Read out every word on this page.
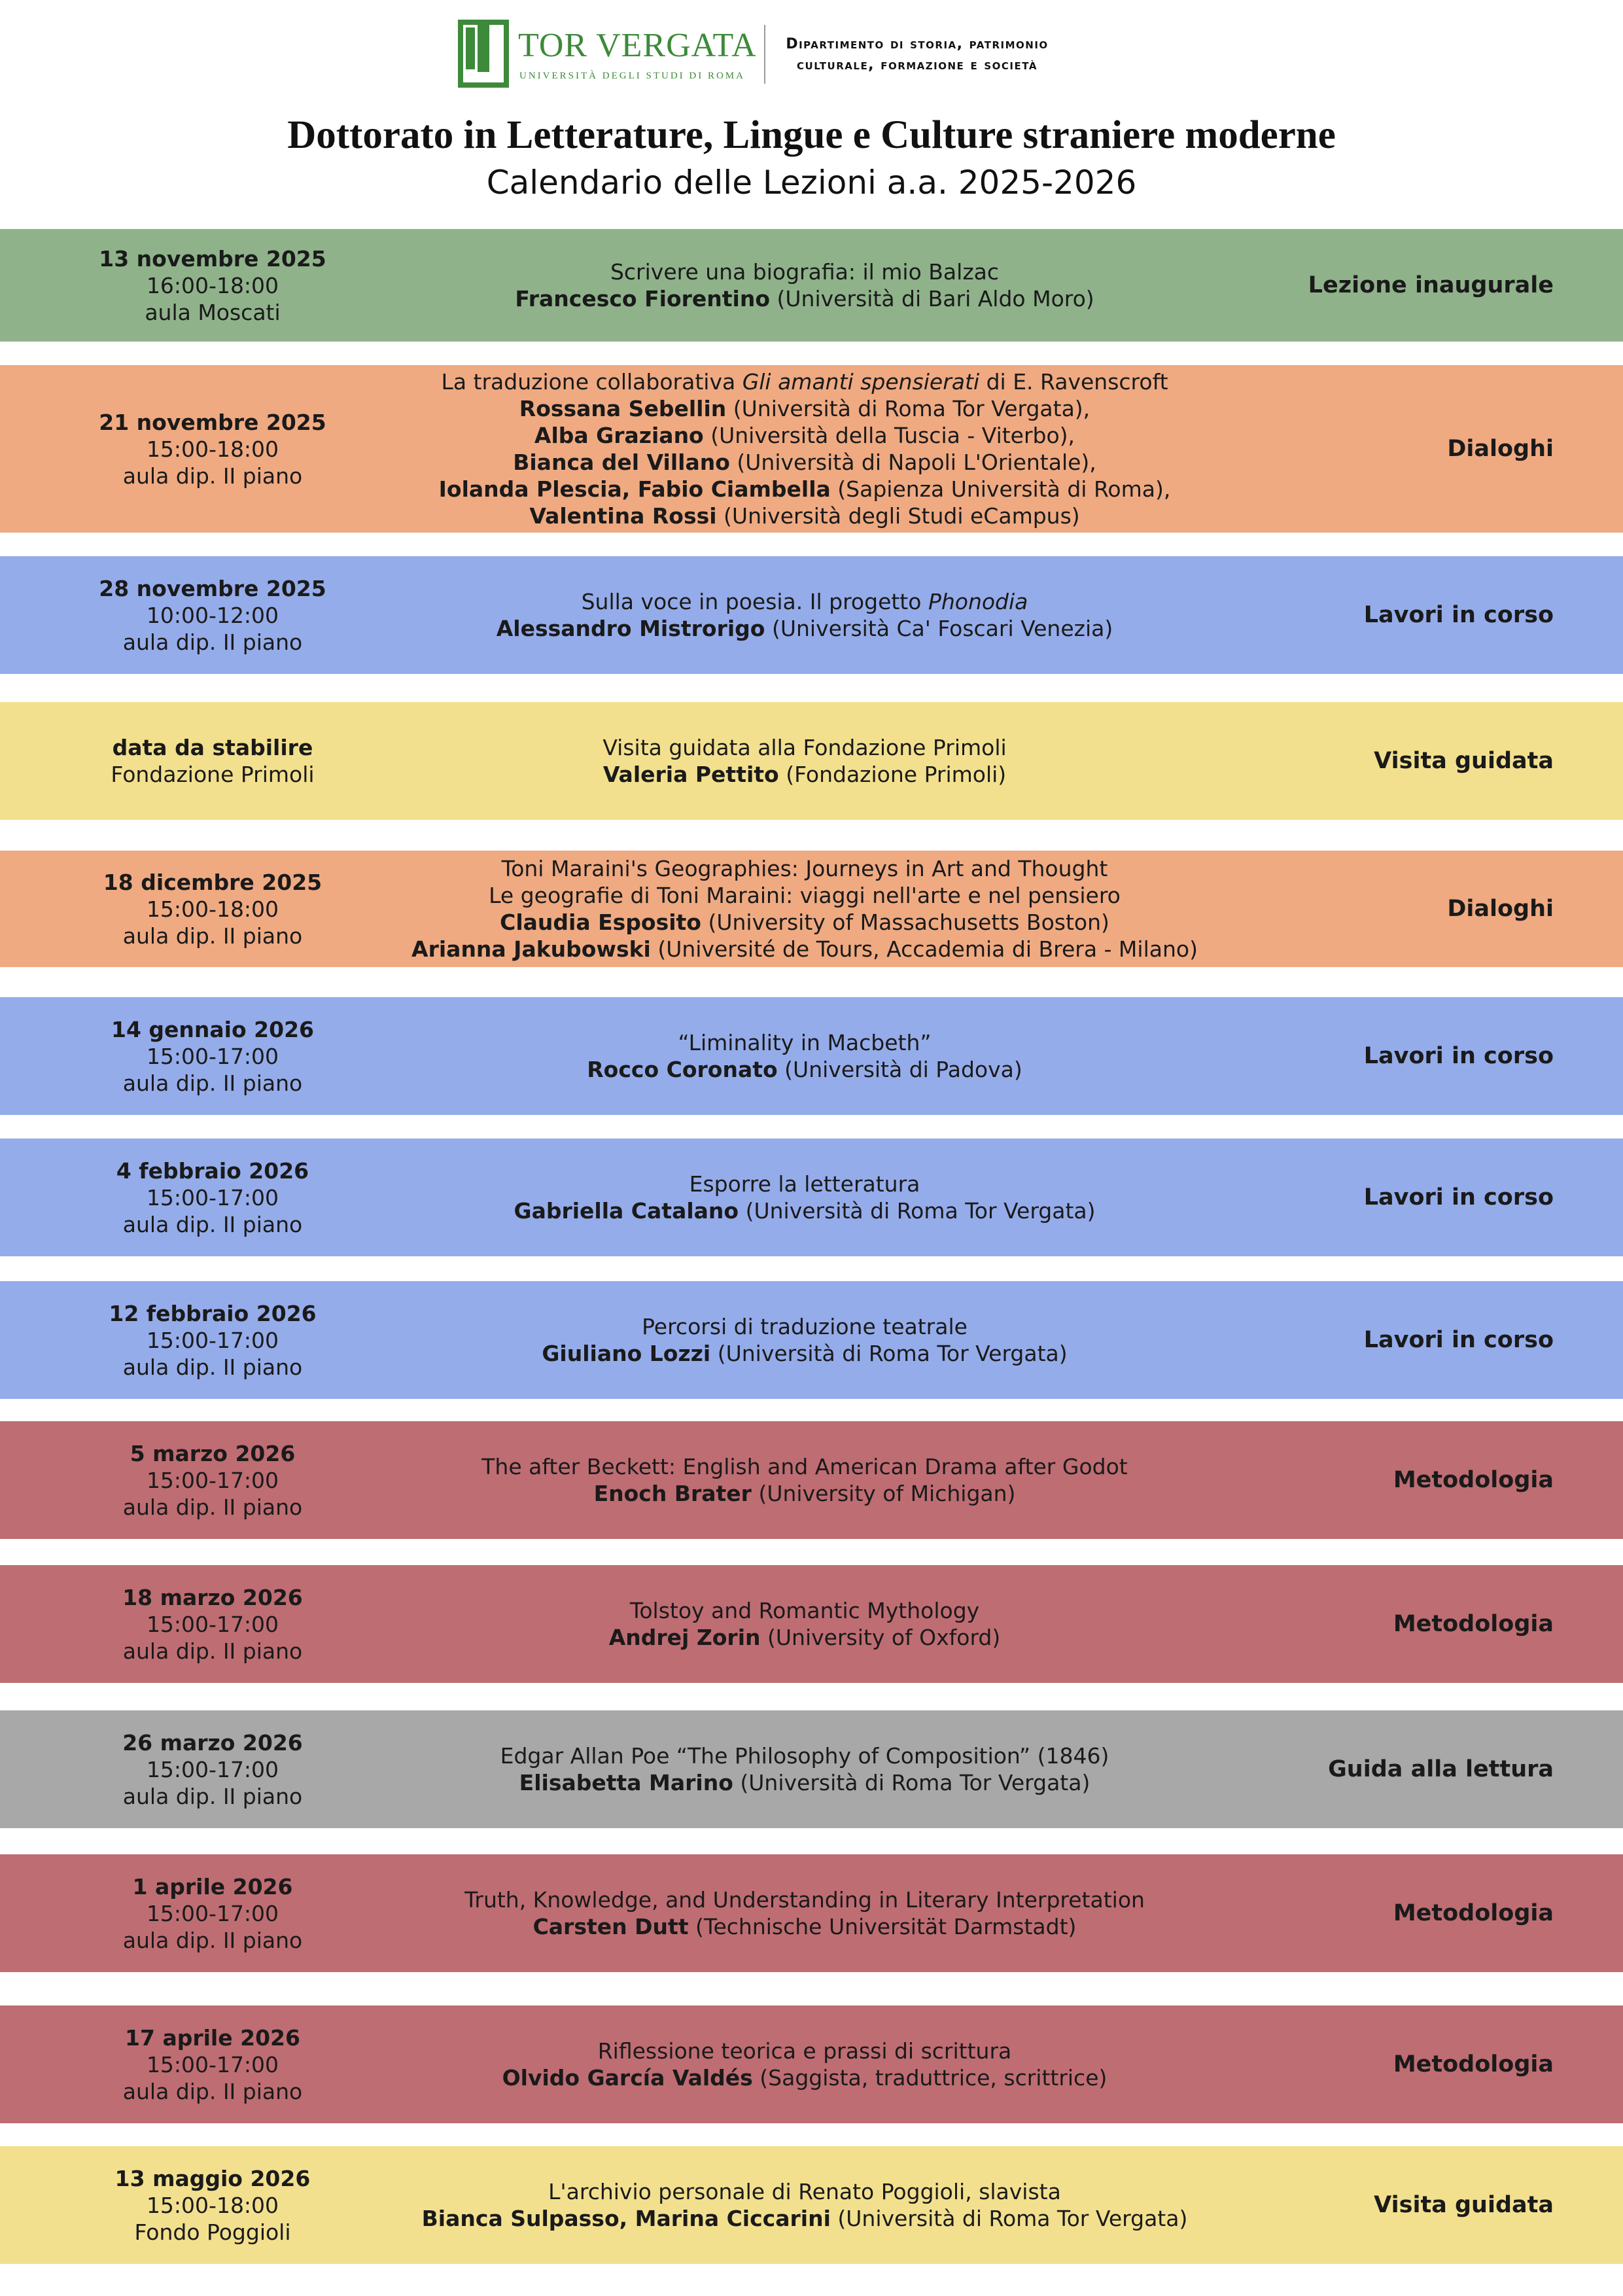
TOR VERGATA
UNIVERSITÀ DEGLI STUDI DI ROMA
Dipartimento di storia, patrimonio
culturale, formazione e società
Dottorato in Letterature, Lingue e Culture straniere moderne
Calendario delle Lezioni a.a. 2025-2026
13 novembre 2025
16:00-18:00
aula Moscati
Scrivere una biografia: il mio Balzac
Francesco Fiorentino (Università di Bari Aldo Moro)
Lezione inaugurale
21 novembre 2025
15:00-18:00
aula dip. II piano
La traduzione collaborativa Gli amanti spensierati di E. Ravenscroft
Rossana Sebellin (Università di Roma Tor Vergata),
Alba Graziano (Università della Tuscia - Viterbo),
Bianca del Villano (Università di Napoli L'Orientale),
Iolanda Plescia, Fabio Ciambella (Sapienza Università di Roma),
Valentina Rossi (Università degli Studi eCampus)
Dialoghi
28 novembre 2025
10:00-12:00
aula dip. II piano
Sulla voce in poesia. Il progetto Phonodia
Alessandro Mistrorigo (Università Ca' Foscari Venezia)
Lavori in corso
data da stabilire
Fondazione Primoli
Visita guidata alla Fondazione Primoli
Valeria Pettito (Fondazione Primoli)
Visita guidata
18 dicembre 2025
15:00-18:00
aula dip. II piano
Toni Maraini's Geographies: Journeys in Art and Thought
Le geografie di Toni Maraini: viaggi nell'arte e nel pensiero
Claudia Esposito (University of Massachusetts Boston)
Arianna Jakubowski (Université de Tours, Accademia di Brera - Milano)
Dialoghi
14 gennaio 2026
15:00-17:00
aula dip. II piano
“Liminality in Macbeth”
Rocco Coronato (Università di Padova)
Lavori in corso
4 febbraio 2026
15:00-17:00
aula dip. II piano
Esporre la letteratura
Gabriella Catalano (Università di Roma Tor Vergata)
Lavori in corso
12 febbraio 2026
15:00-17:00
aula dip. II piano
Percorsi di traduzione teatrale
Giuliano Lozzi (Università di Roma Tor Vergata)
Lavori in corso
5 marzo 2026
15:00-17:00
aula dip. II piano
The after Beckett: English and American Drama after Godot
Enoch Brater (University of Michigan)
Metodologia
18 marzo 2026
15:00-17:00
aula dip. II piano
Tolstoy and Romantic Mythology
Andrej Zorin (University of Oxford)
Metodologia
26 marzo 2026
15:00-17:00
aula dip. II piano
Edgar Allan Poe “The Philosophy of Composition” (1846)
Elisabetta Marino (Università di Roma Tor Vergata)
Guida alla lettura
1 aprile 2026
15:00-17:00
aula dip. II piano
Truth, Knowledge, and Understanding in Literary Interpretation
Carsten Dutt (Technische Universität Darmstadt)
Metodologia
17 aprile 2026
15:00-17:00
aula dip. II piano
Riflessione teorica e prassi di scrittura
Olvido García Valdés (Saggista, traduttrice, scrittrice)
Metodologia
13 maggio 2026
15:00-18:00
Fondo Poggioli
L'archivio personale di Renato Poggioli, slavista
Bianca Sulpasso, Marina Ciccarini (Università di Roma Tor Vergata)
Visita guidata
